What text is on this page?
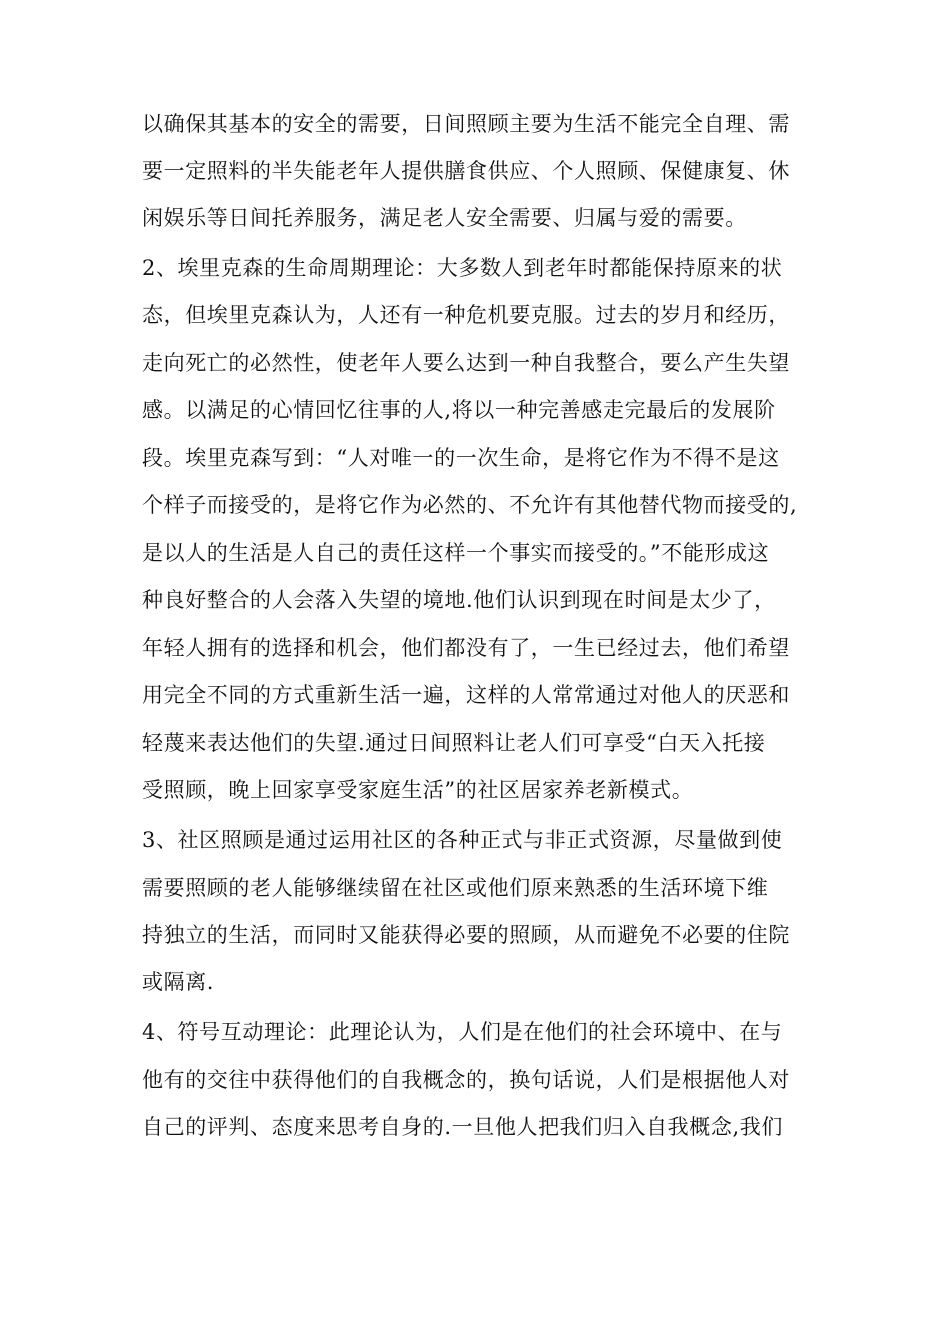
以确保其基本的安全的需要，日间照顾主要为生活不能完全自理、需
要一定照料的半失能老年人提供膳食供应、个人照顾、保健康复、休
闲娱乐等日间托养服务，满足老人安全需要、归属与爱的需要。
2、埃里克森的生命周期理论：大多数人到老年时都能保持原来的状
态，但埃里克森认为，人还有一种危机要克服。过去的岁月和经历，
走向死亡的必然性，使老年人要么达到一种自我整合，要么产生失望
感。以满足的心情回忆往事的人,将以一种完善感走完最后的发展阶
段。埃里克森写到：“人对唯一的一次生命，是将它作为不得不是这
个样子而接受的，是将它作为必然的、不允许有其他替代物而接受的,
是以人的生活是人自己的责任这样一个事实而接受的。”不能形成这
种良好整合的人会落入失望的境地.他们认识到现在时间是太少了，
年轻人拥有的选择和机会，他们都没有了，一生已经过去，他们希望
用完全不同的方式重新生活一遍，这样的人常常通过对他人的厌恶和
轻蔑来表达他们的失望.通过日间照料让老人们可享受“白天入托接
受照顾，晚上回家享受家庭生活”的社区居家养老新模式。
3、社区照顾是通过运用社区的各种正式与非正式资源，尽量做到使
需要照顾的老人能够继续留在社区或他们原来熟悉的生活环境下维
持独立的生活，而同时又能获得必要的照顾，从而避免不必要的住院
或隔离.
4、符号互动理论：此理论认为，人们是在他们的社会环境中、在与
他有的交往中获得他们的自我概念的，换句话说，人们是根据他人对
自己的评判、态度来思考自身的.一旦他人把我们归入自我概念,我们
